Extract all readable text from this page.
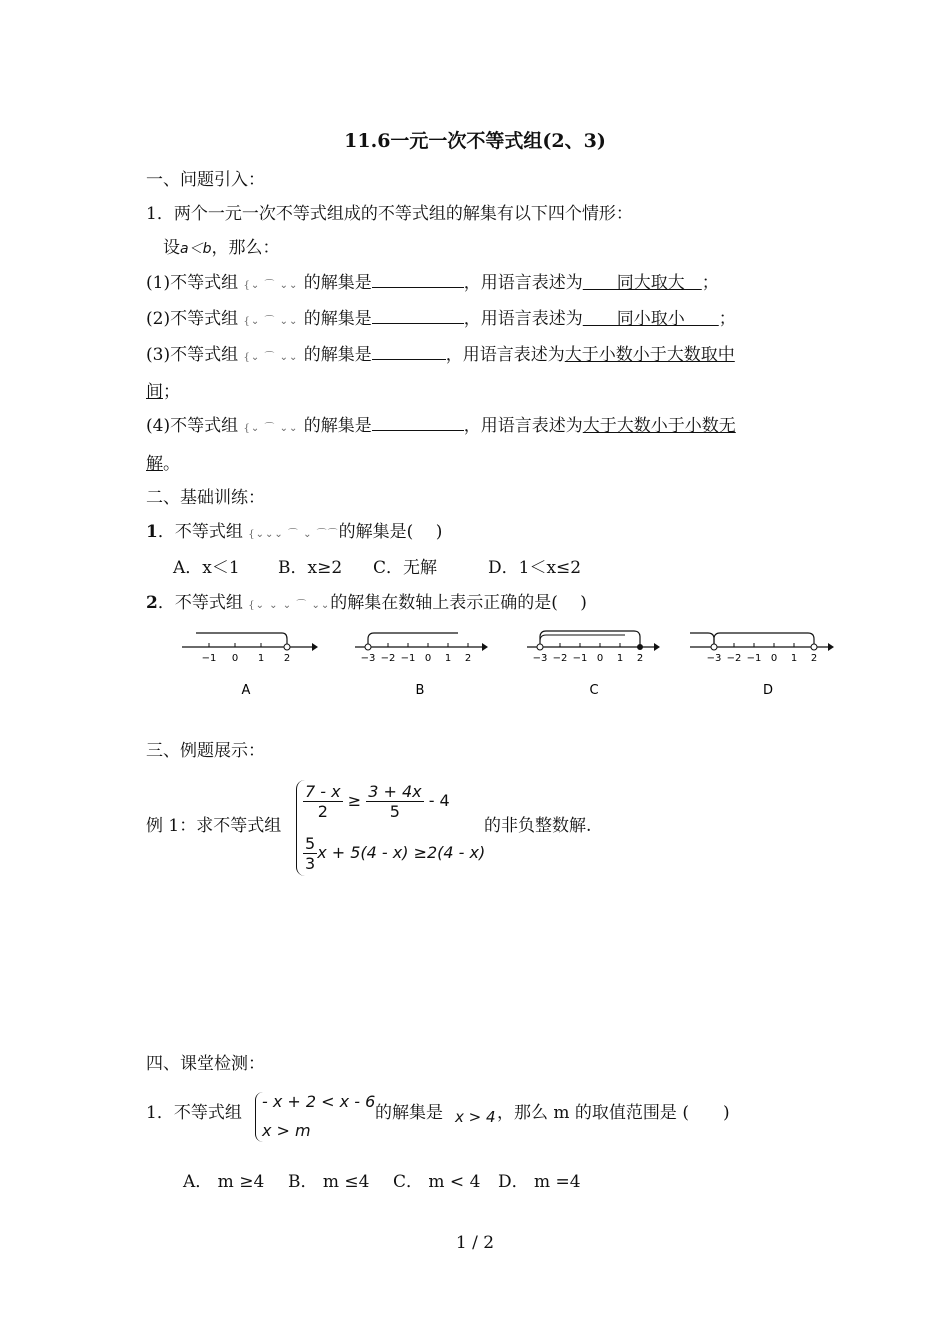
11.6一元一次不等式组(2、3)
一、问题引入：
1．两个一元一次不等式组成的不等式组的解集有以下四个情形：
设a＜b，那么：
(1)不等式组 {⌄ ⌒ ⌄⌄ 的解集是	，用语言表述为　　同大取大　；
(2)不等式组 {⌄ ⌒ ⌄⌄ 的解集是	，用语言表述为　　同小取小　　；
(3)不等式组 {⌄ ⌒ ⌄⌄ 的解集是	，用语言表述为大于小数小于大数取中
间；
(4)不等式组 {⌄ ⌒ ⌄⌄ 的解集是	，用语言表述为大于大数小于小数无
解。
二、基础训练：
1．不等式组 {⌄⌄⌄ ⌒ ⌄ ⌒⌒的解集是(　 )
A．x＜1 B．x≥2 C．无解	D．1＜x≤2
2．不等式组 {⌄ ⌄ ⌄ ⌒ ⌄⌄的解集在数轴上表示正确的是(　 )
−1 0 1 2
A
−3 −2 −1 0 1 2
B
−3 −2 −1 0 1 2
C
−3 −2 −1 0 1 2
D
三、例题展示：
例 1：求不等式组
$\frac{7 - x}{2} \ge \frac{3 + 4x}{5} - 4$
的非负整数解.
$\frac{5}{3}$ x + 5(4 - x) ≥2(4 - x)
四、课堂检测：
1．不等式组
- x + 2 < x - 6
x > m
的解集是 x > 4 ，那么 m 的取值范围是 (　　)
A． m ≥4 B． m ≤4 C． m < 4 D． m =4
1 / 2
